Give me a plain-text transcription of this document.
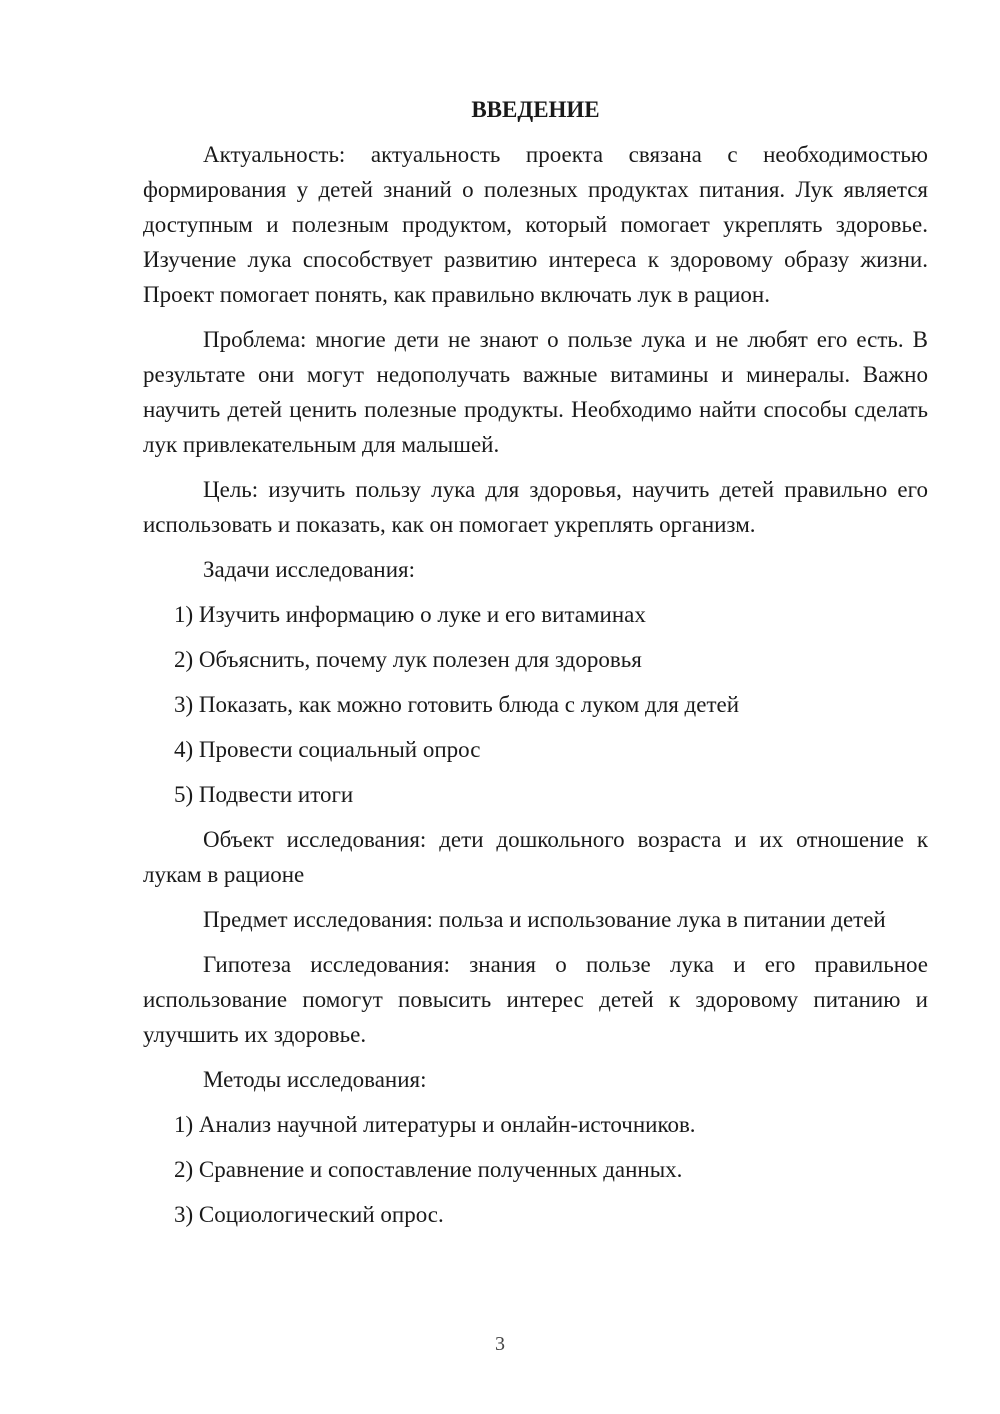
ВВЕДЕНИЕ

Актуальность: актуальность проекта связана с необходимостью формирования у детей знаний о полезных продуктах питания. Лук является доступным и полезным продуктом, который помогает укреплять здоровье. Изучение лука способствует развитию интереса к здоровому образу жизни. Проект помогает понять, как правильно включать лук в рацион.

Проблема: многие дети не знают о пользе лука и не любят его есть. В результате они могут недополучать важные витамины и минералы. Важно научить детей ценить полезные продукты. Необходимо найти способы сделать лук привлекательным для малышей.

Цель: изучить пользу лука для здоровья, научить детей правильно его использовать и показать, как он помогает укреплять организм.

Задачи исследования:

1) Изучить информацию о луке и его витаминах
2) Объяснить, почему лук полезен для здоровья
3) Показать, как можно готовить блюда с луком для детей
4) Провести социальный опрос
5) Подвести итоги

Объект исследования: дети дошкольного возраста и их отношение к лукам в рационе

Предмет исследования: польза и использование лука в питании детей

Гипотеза исследования: знания о пользе лука и его правильное использование помогут повысить интерес детей к здоровому питанию и улучшить их здоровье.

Методы исследования:

1) Анализ научной литературы и онлайн-источников.
2) Сравнение и сопоставление полученных данных.
3) Социологический опрос.
3
